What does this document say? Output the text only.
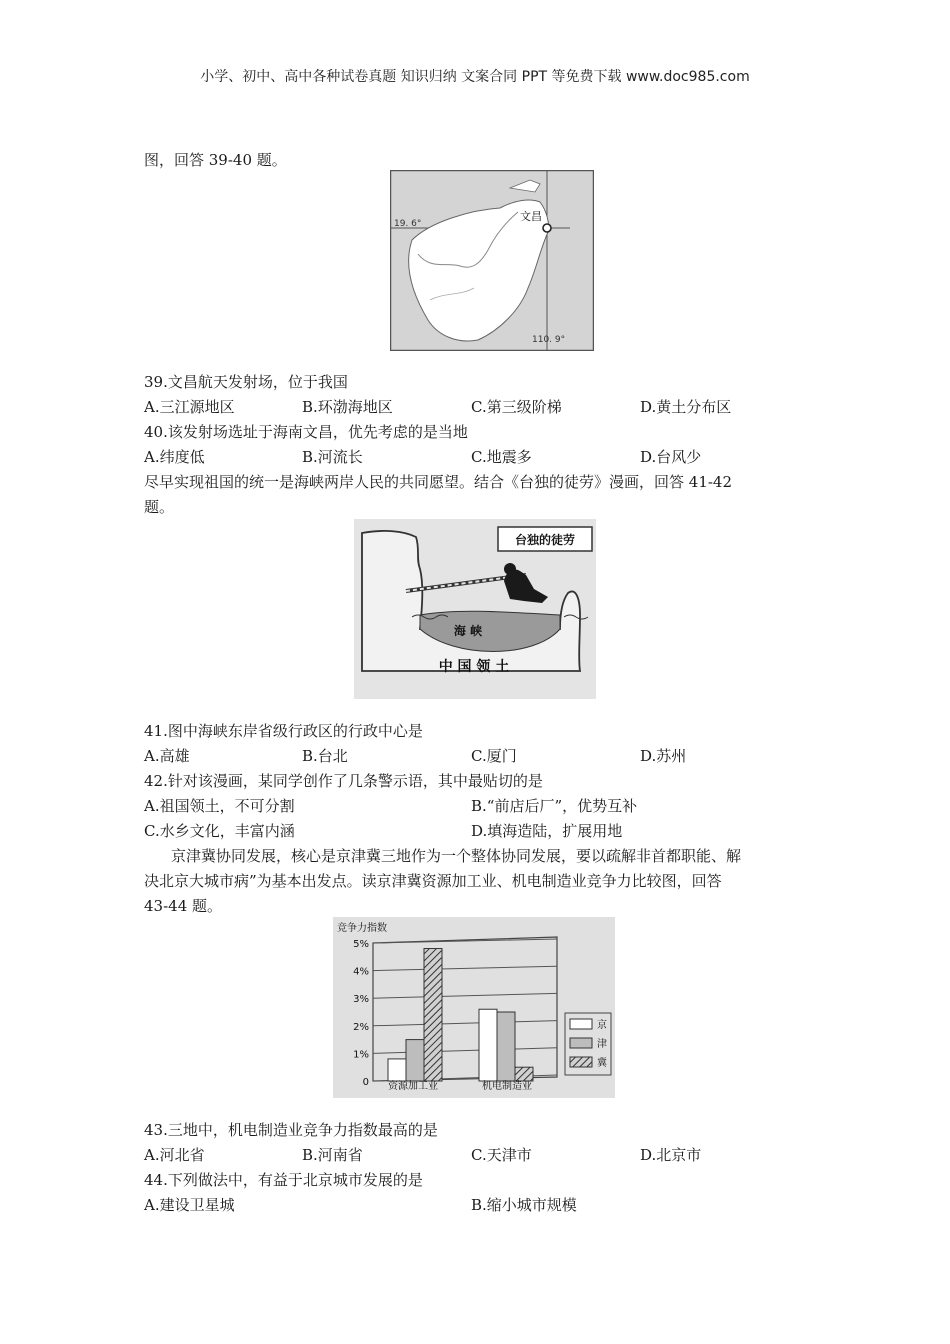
小学、初中、高中各种试卷真题 知识归纳 文案合同 PPT 等免费下载 www.doc985.com
图，回答 39-40 题。
文昌
19. 6°
110. 9°
39.文昌航天发射场，位于我国
A.三江源地区	B.环渤海地区	C.第三级阶梯	D.黄土分布区
40.该发射场选址于海南文昌，优先考虑的是当地
A.纬度低	B.河流长	C.地震多	D.台风少
尽早实现祖国的统一是海峡两岸人民的共同愿望。结合《台独的徒劳》漫画，回答 41-42
题。
台独的徒劳
海 峡
中 国 领 土
41.图中海峡东岸省级行政区的行政中心是
A.高雄	B.台北	C.厦门	D.苏州
42.针对该漫画，某同学创作了几条警示语，其中最贴切的是
A.祖国领土，不可分割	B.“前店后厂”，优势互补
C.水乡文化，丰富内涵	D.填海造陆，扩展用地
京津冀协同发展，核心是京津冀三地作为一个整体协同发展，要以疏解非首都职能、解
决北京大城市病”为基本出发点。读京津冀资源加工业、机电制造业竞争力比较图，回答
43-44 题。
竞争力指数
0
1%
2%
3%
4%
5%
京
津
冀
资源加工业	机电制造业
43.三地中，机电制造业竞争力指数最高的是
A.河北省	B.河南省	C.天津市	D.北京市
44.下列做法中，有益于北京城市发展的是
A.建设卫星城	B.缩小城市规模
